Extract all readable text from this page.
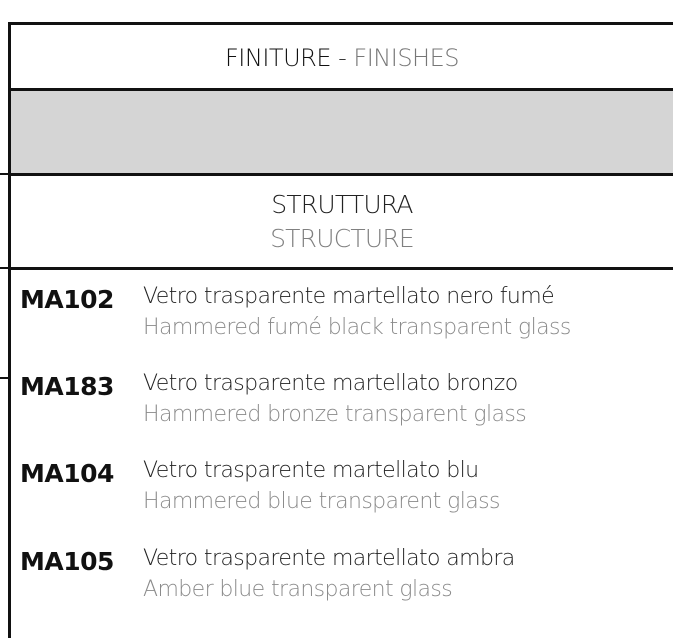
FINITURE - FINISHES
STRUTTURA
STRUCTURE
MA102 Vetro trasparente martellato nero fumé
Hammered fumé black transparent glass
MA183 Vetro trasparente martellato bronzo
Hammered bronze transparent glass
MA104 Vetro trasparente martellato blu
Hammered blue transparent glass
MA105 Vetro trasparente martellato ambra
Amber blue transparent glass
